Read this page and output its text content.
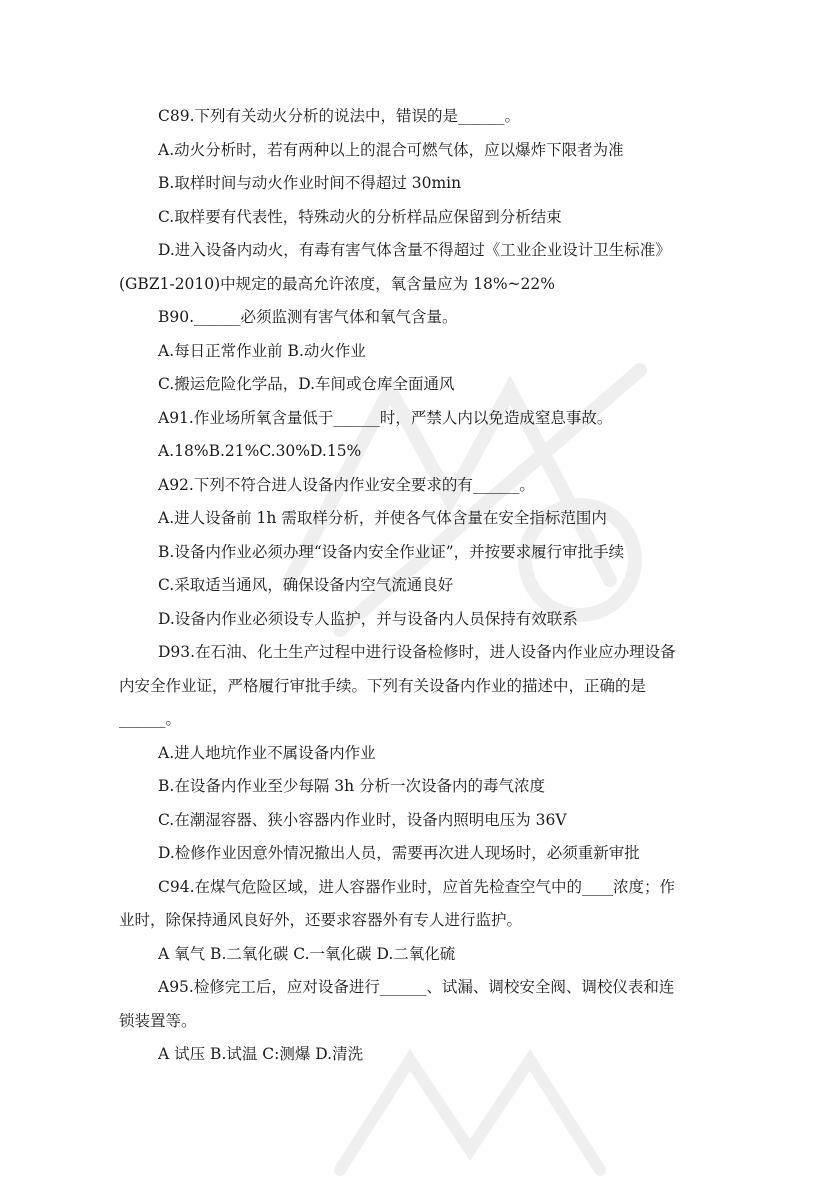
C89.下列有关动火分析的说法中，错误的是______。

A.动火分析时，若有两种以上的混合可燃气体，应以爆炸下限者为准

B.取样时间与动火作业时间不得超过 30min

C.取样要有代表性，特殊动火的分析样品应保留到分析结束

D.进入设备内动火，有毒有害气体含量不得超过《工业企业设计卫生标准》

(GBZ1-2010)中规定的最高允许浓度，氧含量应为 18%~22%

B90.______必须监测有害气体和氧气含量。

A.每日正常作业前 B.动火作业

C.搬运危险化学品，D.车间或仓库全面通风

A91.作业场所氧含量低于______时，严禁人内以免造成窒息事故。

A.18%B.21%C.30%D.15%

A92.下列不符合进人设备内作业安全要求的有______。

A.进人设备前 1h 需取样分析，并使各气体含量在安全指标范围内

B.设备内作业必须办理“设备内安全作业证”，并按要求履行审批手续

C.采取适当通风，确保设备内空气流通良好

D.设备内作业必须设专人监护，并与设备内人员保持有效联系

D93.在石油、化土生产过程中进行设备检修时，进人设备内作业应办理设备

内安全作业证，严格履行审批手续。下列有关设备内作业的描述中，正确的是

______。

A.进人地坑作业不属设备内作业

B.在设备内作业至少每隔 3h 分析一次设备内的毒气浓度

C.在潮湿容器、狭小容器内作业时，设备内照明电压为 36V

D.检修作业因意外情况撤出人员，需要再次进人现场时，必须重新审批

C94.在煤气危险区域，进人容器作业时，应首先检查空气中的____浓度；作

业时，除保持通风良好外，还要求容器外有专人进行监护。

A 氧气 B.二氧化碳 C.一氧化碳 D.二氧化硫

A95.检修完工后，应对设备进行______、试漏、调校安全阀、调校仪表和连

锁装置等。

A 试压 B.试温 C:测爆 D.清洗
